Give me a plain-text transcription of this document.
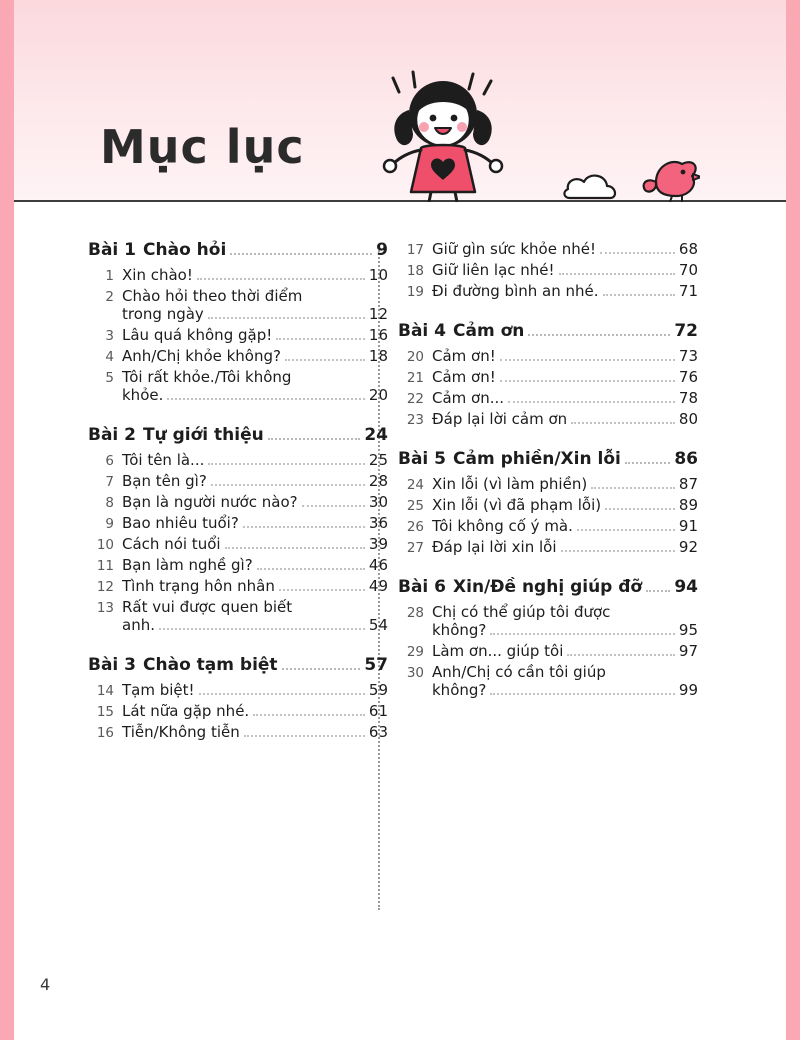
Mục lục
Bài 1 Chào hỏi	9
1 Xin chào!	10
2 Chào hỏi theo thời điểm
trong ngày	12
3 Lâu quá không gặp!	16
4 Anh/Chị khỏe không?	18
5 Tôi rất khỏe./Tôi không
khỏe.	20
Bài 2 Tự giới thiệu	24
6 Tôi tên là...	25
7 Bạn tên gì?	28
8 Bạn là người nước nào?	30
9 Bao nhiêu tuổi?	36
10 Cách nói tuổi	39
11 Bạn làm nghề gì?	46
12 Tình trạng hôn nhân	49
13 Rất vui được quen biết
anh.	54
Bài 3 Chào tạm biệt	57
14 Tạm biệt!	59
15 Lát nữa gặp nhé.	61
16 Tiễn/Không tiễn	63
17 Giữ gìn sức khỏe nhé!	68
18 Giữ liên lạc nhé!	70
19 Đi đường bình an nhé.	71
Bài 4 Cảm ơn	72
20 Cảm ơn!	73
21 Cảm ơn!	76
22 Cảm ơn...	78
23 Đáp lại lời cảm ơn	80
Bài 5 Cảm phiền/Xin lỗi	86
24 Xin lỗi (vì làm phiền)	87
25 Xin lỗi (vì đã phạm lỗi)	89
26 Tôi không cố ý mà.	91
27 Đáp lại lời xin lỗi	92
Bài 6 Xin/Đề nghị giúp đỡ 94
28 Chị có thể giúp tôi được
không?	95
29 Làm ơn... giúp tôi	97
30 Anh/Chị có cần tôi giúp
không?	99
4
